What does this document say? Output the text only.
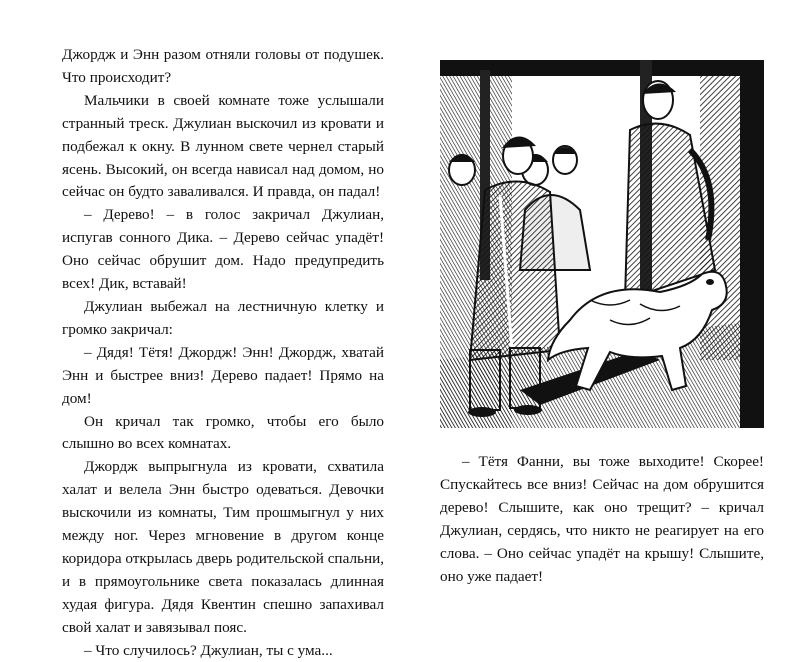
Джордж и Энн разом отняли головы от подушек. Что происходит?

Мальчики в своей комнате тоже услышали странный треск. Джулиан выскочил из кровати и подбежал к окну. В лунном свете чернел старый ясень. Высокий, он всегда нависал над домом, но сейчас он будто заваливался. И правда, он падал!

– Дерево! – в голос закричал Джулиан, испугав сонного Дика. – Дерево сейчас упадёт! Оно сейчас обрушит дом. Надо предупредить всех! Дик, вставай!

Джулиан выбежал на лестничную клетку и громко закричал:

– Дядя! Тётя! Джордж! Энн! Джордж, хватай Энн и быстрее вниз! Дерево падает! Прямо на дом!

Он кричал так громко, чтобы его было слышно во всех комнатах.

Джордж выпрыгнула из кровати, схватила халат и велела Энн быстро одеваться. Девочки выскочили из комнаты, Тим прошмыгнул у них между ног. Через мгновение в другом конце коридора открылась дверь родительской спальни, и в прямоугольнике света показалась длинная худая фигура. Дядя Квентин спешно запахивал свой халат и завязывал пояс.

– Что случилось? Джулиан, ты с ума...

– Тётя Фанни, вы тоже выходите! Скорее! Спускайтесь все вниз! Сейчас на дом обрушится дерево! Слышите, как оно трещит? – кричал Джулиан, сердясь, что никто не реагирует на его слова. – Оно сейчас упадёт на крышу! Слышите, оно уже падает!
